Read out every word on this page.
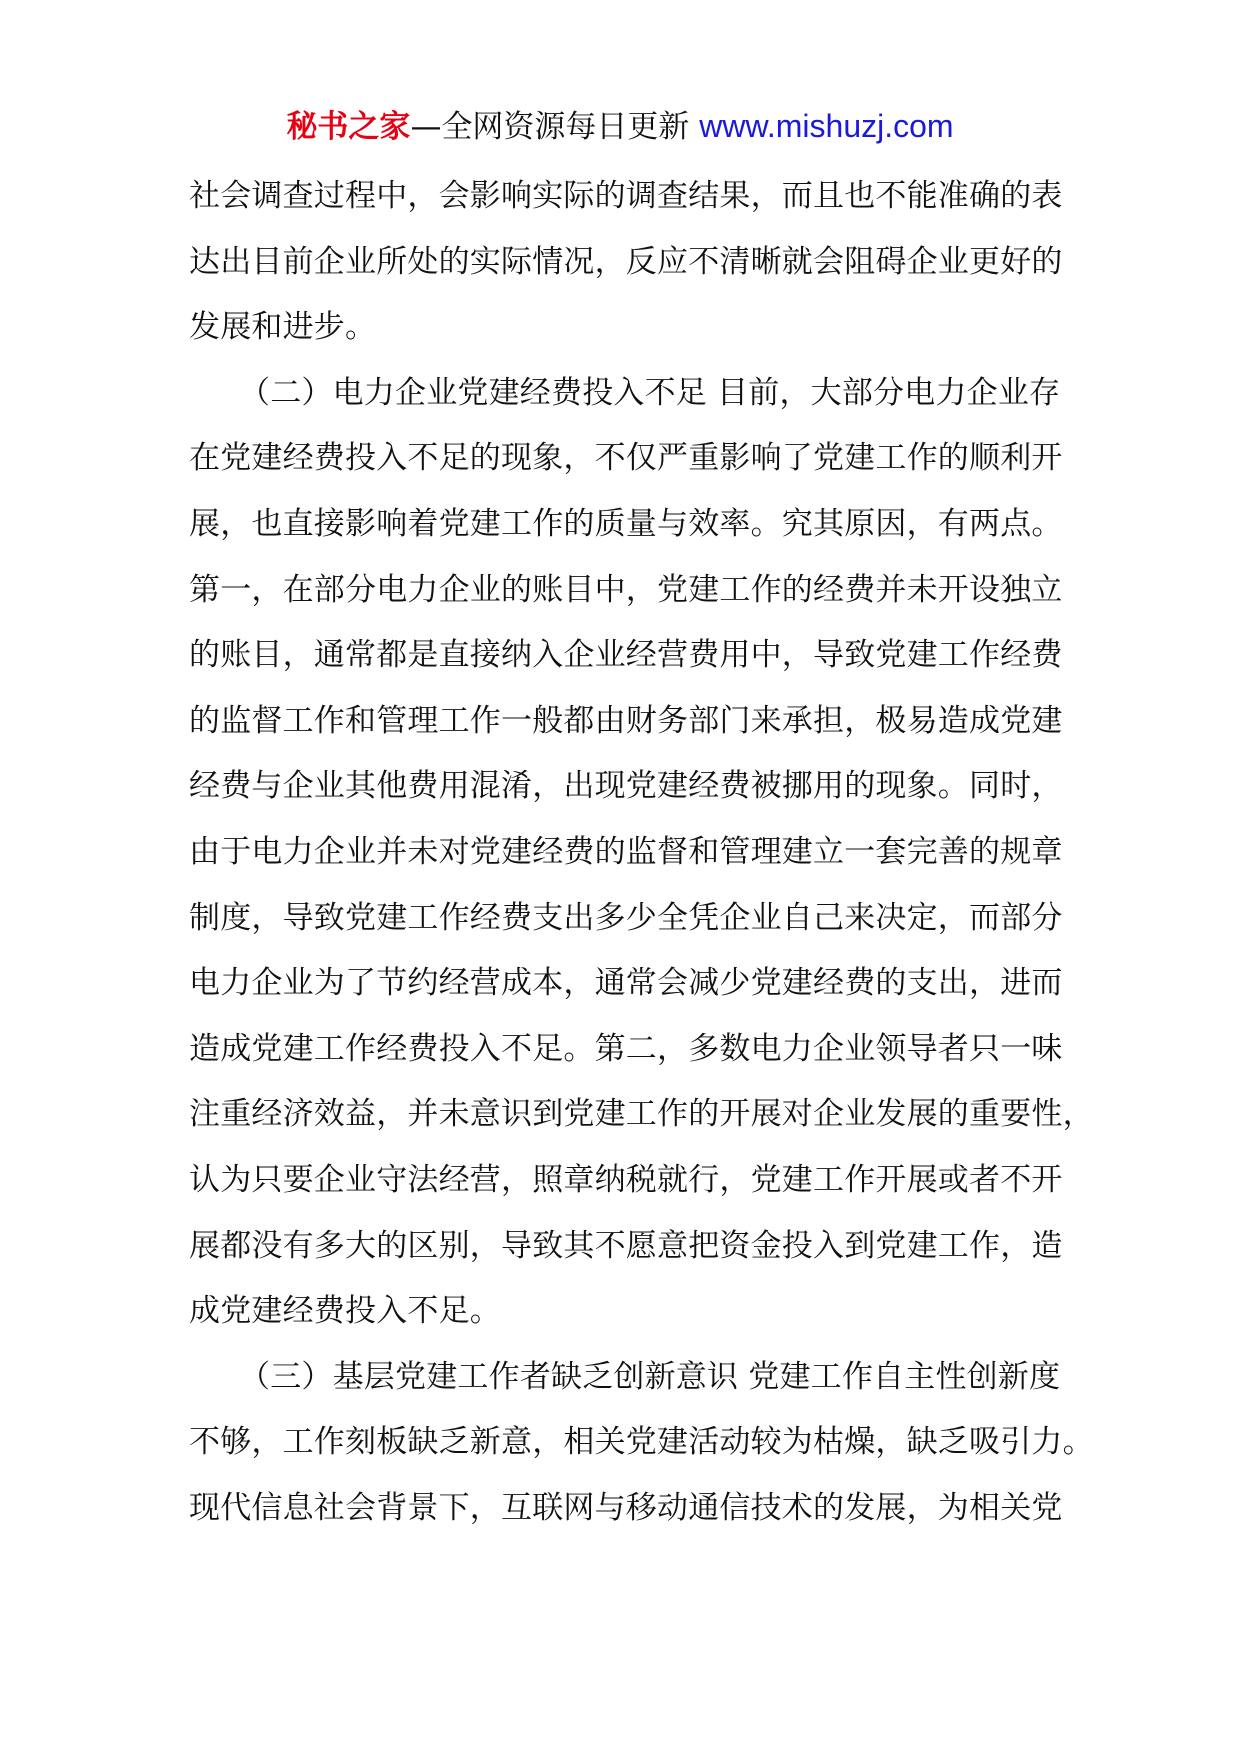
秘书之家—全网资源每日更新 www.mishuzj.com
社会调查过程中，会影响实际的调查结果，而且也不能准确的表
达出目前企业所处的实际情况，反应不清晰就会阻碍企业更好的
发展和进步。
（二）电力企业党建经费投入不足 目前，大部分电力企业存
在党建经费投入不足的现象，不仅严重影响了党建工作的顺利开
展，也直接影响着党建工作的质量与效率。究其原因，有两点。
第一，在部分电力企业的账目中，党建工作的经费并未开设独立
的账目，通常都是直接纳入企业经营费用中，导致党建工作经费
的监督工作和管理工作一般都由财务部门来承担，极易造成党建
经费与企业其他费用混淆，出现党建经费被挪用的现象。同时，
由于电力企业并未对党建经费的监督和管理建立一套完善的规章
制度，导致党建工作经费支出多少全凭企业自己来决定，而部分
电力企业为了节约经营成本，通常会减少党建经费的支出，进而
造成党建工作经费投入不足。第二，多数电力企业领导者只一味
注重经济效益，并未意识到党建工作的开展对企业发展的重要性，
认为只要企业守法经营，照章纳税就行，党建工作开展或者不开
展都没有多大的区别，导致其不愿意把资金投入到党建工作，造
成党建经费投入不足。
（三）基层党建工作者缺乏创新意识 党建工作自主性创新度
不够，工作刻板缺乏新意，相关党建活动较为枯燥，缺乏吸引力。
现代信息社会背景下，互联网与移动通信技术的发展，为相关党
